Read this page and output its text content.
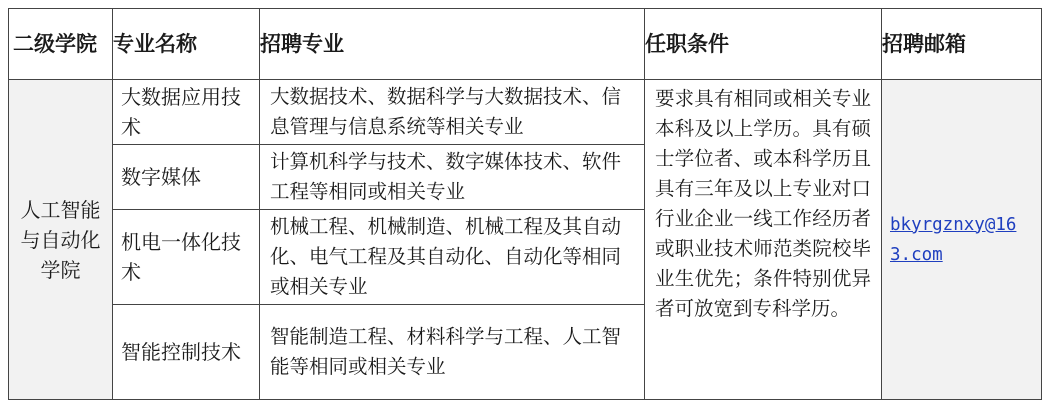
二级学院	专业名称	招聘专业	任职条件	招聘邮箱
人工智能与自动化学院	大数据应用技术	大数据技术、数据科学与大数据技术、信息管理与信息系统等相关专业	要求具有相同或相关专业本科及以上学历。具有硕士学位者、或本科学历且具有三年及以上专业对口行业企业一线工作经历者或职业技术师范类院校毕业生优先；条件特别优异者可放宽到专科学历。	bkyrgznxy@163.com
	数字媒体	计算机科学与技术、数字媒体技术、软件工程等相同或相关专业		
	机电一体化技术	机械工程、机械制造、机械工程及其自动化、电气工程及其自动化、自动化等相同或相关专业		
	智能控制技术	智能制造工程、材料科学与工程、人工智能等相同或相关专业		
